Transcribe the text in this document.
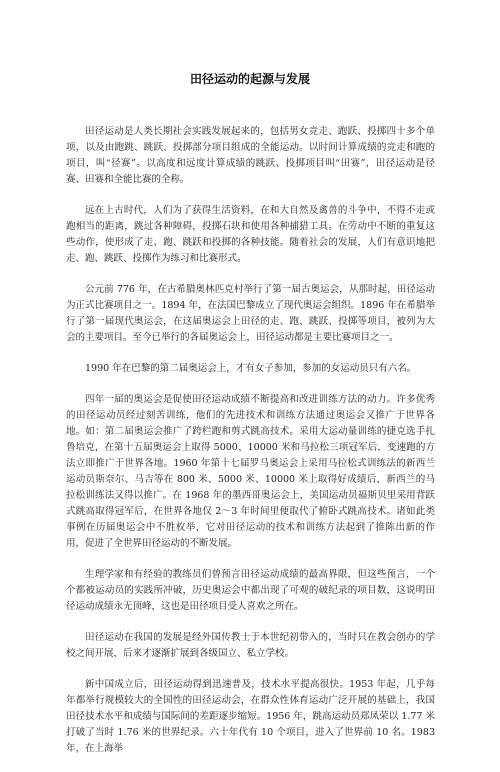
田径运动的起源与发展

田径运动是人类长期社会实践发展起来的，包括男女竞走、跑跃、投掷四十多个单项，以及由跑跳、跳跃、投掷部分项目组成的全能运动。以时间计算成绩的竞走和跑的项目，叫“径赛”。以高度和远度计算成绩的跳跃、投掷项目叫“田赛”，田径运动是径赛、田赛和全能比赛的全称。

远在上古时代，人们为了获得生活资料，在和大自然及禽兽的斗争中，不得不走或跑相当的距离，跳过各种障碍，投掷石块和使用各种捕猎工具。在劳动中不断的重复这些动作，使形成了走、跑、跳跃和投掷的各种技能。随着社会的发展，人们有意识地把走、跑、跳跃、投掷作为练习和比赛形式。

公元前 776 年，在古希腊奥林匹克村举行了第一届古奥运会，从那时起，田径运动为正式比赛项目之一。1894 年，在法国巴黎成立了现代奥运会组织。1896 年在希腊举行了第一届现代奥运会，在这届奥运会上田径的走、跑、跳跃、投掷等项目，被列为大会的主要项目。至今已举行的各届奥运会上，田径运动都是主要比赛项目之一。

1990 年在巴黎的第二届奥运会上，才有女子参加，参加的女运动员只有六名。

四年一届的奥运会是促使田径运动成绩不断提高和改进训练方法的动力。许多优秀的田径运动员经过刻苦训练，他们的先进技术和训练方法通过奥运会又推广于世界各地。如：第二届奥运会推广了跨栏跑和剪式跳高技术。采用大运动量训练的捷克选手扎鲁培克，在第十五届奥运会上取得 5000、10000 米和马拉松三项冠军后，变速跑的方法立即推广于世界各地。1960 年第十七届罗马奥运会上采用马拉松式训练法的新西兰运动员斯奈尔、马吉等在 800 米、5000 米、10000 米上取得好成绩后，新西兰的马拉松训练法又得以推广。在 1968 年的墨西哥奥运会上，美国运动员福斯贝里采用背跃式跳高取得冠军后，在世界各地仅 2～3 年时间里便取代了俯卧式跳高技术。诸如此类事例在历届奥运会中不胜枚举，它对田径运动的技术和训练方法起到了推陈出新的作用，促进了全世界田径运动的不断发展。

生理学家和有经验的教练员们曾预言田径运动成绩的最高界限，但这些预言，一个个都被运动员的实践所冲破，历史奥运会中都出现了可观的破纪录的项目数，这说明田径运动成绩永无顶峰，这也是田径项目受人喜欢之所在。

田径运动在我国的发展是经外国传教士于本世纪初带入的，当时只在教会创办的学校之间开展，后来才逐渐扩展到各级国立、私立学校。

新中国成立后，田径运动得到迅速普及，技术水平提高很快。1953 年起，几乎每年都举行规模较大的全国性的田径运动会，在群众性体育运动广泛开展的基础上，我国田径技术水平和成绩与国际间的差距逐步缩短。1956 年，跳高运动员郑凤荣以 1.77 米打破了当时 1.76 米的世界纪录。六十年代有 10 个项目，进入了世界前 10 名。1983 年，在上海举
